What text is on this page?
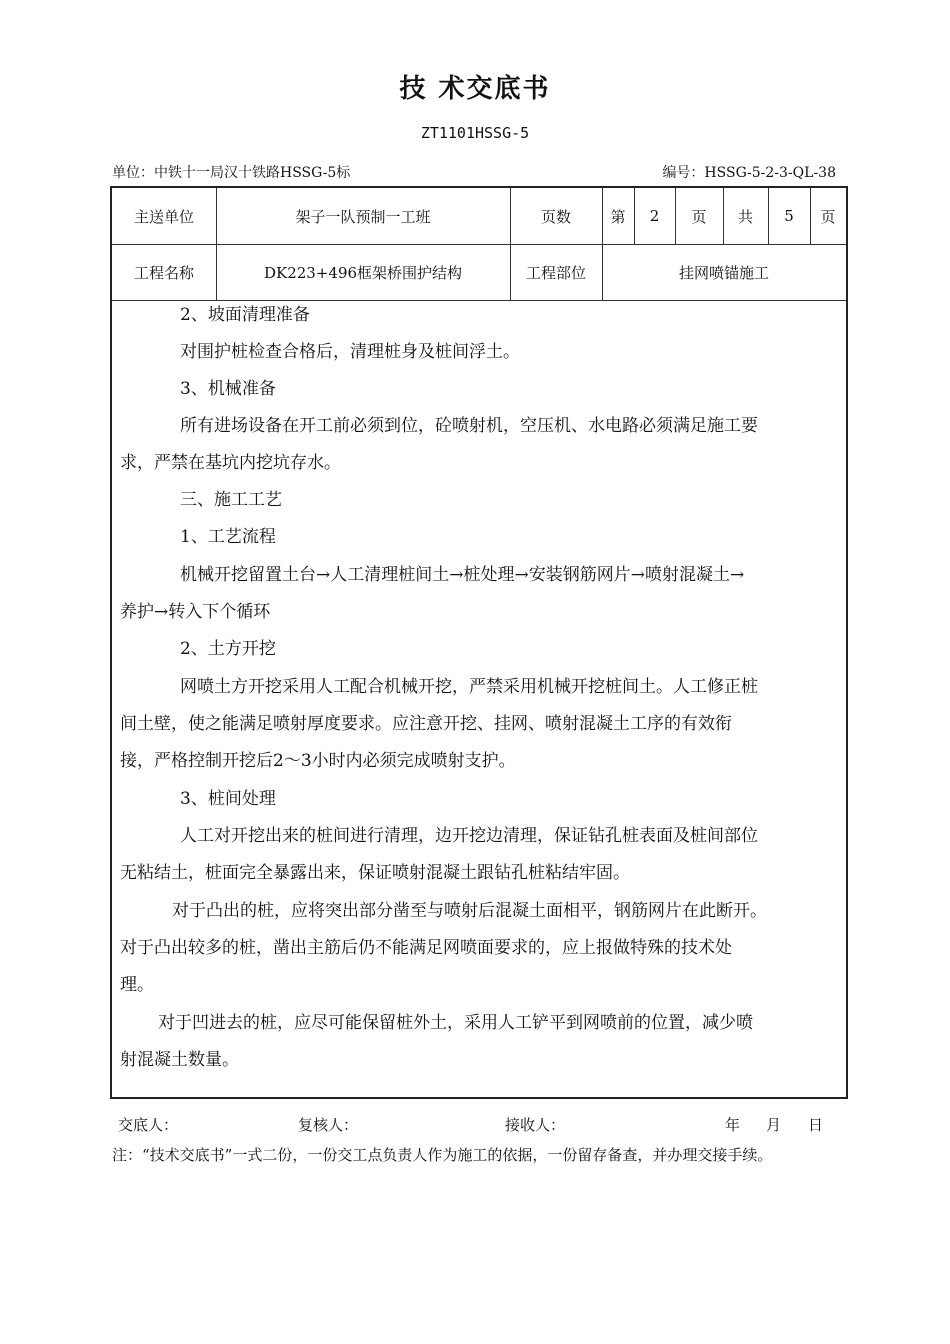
技 术交底书
ZT1101HSSG-5
单位：中铁十一局汉十铁路HSSG-5标	编号：HSSG-5-2-3-QL-38
主送单位	架子一队预制一工班	页数	第	2	页	共	5	页
工程名称	DK223+496框架桥围护结构	工程部位	挂网喷锚施工
2、坡面清理准备
对围护桩检查合格后，清理桩身及桩间浮土。
3、机械准备
所有进场设备在开工前必须到位，砼喷射机，空压机、水电路必须满足施工要
求，严禁在基坑内挖坑存水。
三、施工工艺
1、工艺流程
机械开挖留置土台→人工清理桩间土→桩处理→安装钢筋网片→喷射混凝土→
养护→转入下个循环
2、土方开挖
网喷土方开挖采用人工配合机械开挖，严禁采用机械开挖桩间土。人工修正桩
间土壁，使之能满足喷射厚度要求。应注意开挖、挂网、喷射混凝土工序的有效衔
接，严格控制开挖后2～3小时内必须完成喷射支护。
3、桩间处理
人工对开挖出来的桩间进行清理，边开挖边清理，保证钻孔桩表面及桩间部位
无粘结土，桩面完全暴露出来，保证喷射混凝土跟钻孔桩粘结牢固。
对于凸出的桩，应将突出部分凿至与喷射后混凝土面相平，钢筋网片在此断开。
对于凸出较多的桩，凿出主筋后仍不能满足网喷面要求的，应上报做特殊的技术处
理。
对于凹进去的桩，应尽可能保留桩外土，采用人工铲平到网喷前的位置，减少喷
射混凝土数量。
交底人：	复核人：	接收人：	年 月 日
注：“技术交底书”一式二份，一份交工点负责人作为施工的依据，一份留存备查，并办理交接手续。
